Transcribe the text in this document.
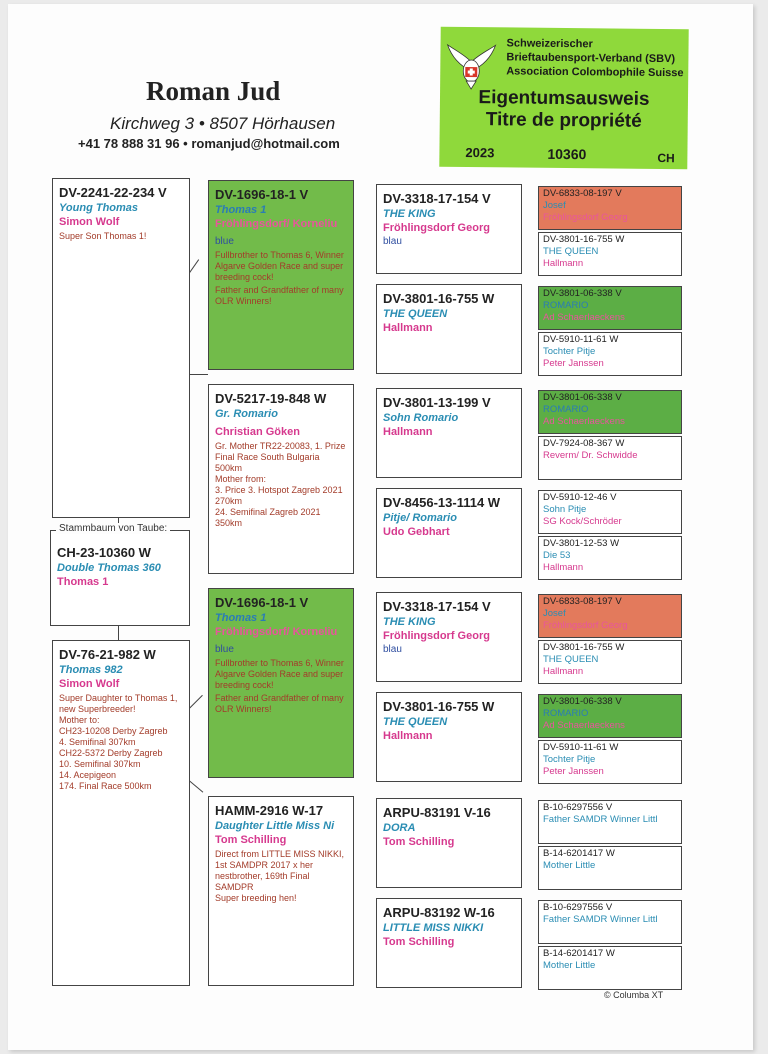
Roman Jud
Kirchweg 3 • 8507 Hörhausen
+41 78 888 31 96 • romanjud@hotmail.com
Schweizerischer
Brieftaubensport-Verband (SBV)
Association Colombophile Suisse
Eigentumsausweis
Titre de propriété
2023	10360	CH
DV-2241-22-234 V
Young Thomas
Simon Wolf
Super Son Thomas 1!
Stammbaum von Taube:
CH-23-10360 W
Double Thomas 360
Thomas 1
DV-76-21-982 W
Thomas 982
Simon Wolf
Super Daughter to Thomas 1, new Superbreeder!
Mother to:
CH23-10208 Derby Zagreb
4. Semifinal 307km
CH22-5372 Derby Zagreb
10. Semifinal 307km
14. Acepigeon
174. Final Race 500km
DV-1696-18-1 V
Thomas 1
Fröhlingsdorf/ Korneliu
blue
Fullbrother to Thomas 6, Winner Algarve Golden Race and super breeding cock!
Father and Grandfather of many OLR Winners!
DV-5217-19-848 W
Gr. Romario
Christian Göken
Gr. Mother TR22-20083, 1. Prize Final Race South Bulgaria 500km
Mother from:
3. Price 3. Hotspot Zagreb 2021 270km
24. Semifinal Zagreb 2021 350km
DV-1696-18-1 V
Thomas 1
Fröhlingsdorf/ Korneliu
blue
Fullbrother to Thomas 6, Winner Algarve Golden Race and super breeding cock!
Father and Grandfather of many OLR Winners!
HAMM-2916 W-17
Daughter Little Miss Ni
Tom Schilling
Direct from LITTLE MISS NIKKI, 1st SAMDPR 2017 x her nestbrother, 169th Final SAMDPR
Super breeding hen!
DV-3318-17-154 V
THE KING
Fröhlingsdorf Georg
blau
DV-3801-16-755 W
THE QUEEN
Hallmann
DV-3801-13-199 V
Sohn Romario
Hallmann
DV-8456-13-1114 W
Pitje/ Romario
Udo Gebhart
DV-3318-17-154 V
THE KING
Fröhlingsdorf Georg
blau
DV-3801-16-755 W
THE QUEEN
Hallmann
ARPU-83191 V-16
DORA
Tom Schilling
ARPU-83192 W-16
LITTLE MISS NIKKI
Tom Schilling
DV-6833-08-197 V
Josef
Fröhlingsdorf Georg
DV-3801-16-755 W
THE QUEEN
Hallmann
DV-3801-06-338 V
ROMARIO
Ad Schaerlaeckens
DV-5910-11-61 W
Tochter Pitje
Peter Janssen
DV-3801-06-338 V
ROMARIO
Ad Schaerlaeckens
DV-7924-08-367 W
Reverm/ Dr. Schwidde
DV-5910-12-46 V
Sohn Pitje
SG Kock/Schröder
DV-3801-12-53 W
Die 53
Hallmann
DV-6833-08-197 V
Josef
Fröhlingsdorf Georg
DV-3801-16-755 W
THE QUEEN
Hallmann
DV-3801-06-338 V
ROMARIO
Ad Schaerlaeckens
DV-5910-11-61 W
Tochter Pitje
Peter Janssen
B-10-6297556 V
Father SAMDR Winner Littl
B-14-6201417 W
Mother Little
B-10-6297556 V
Father SAMDR Winner Littl
B-14-6201417 W
Mother Little
© Columba XT
